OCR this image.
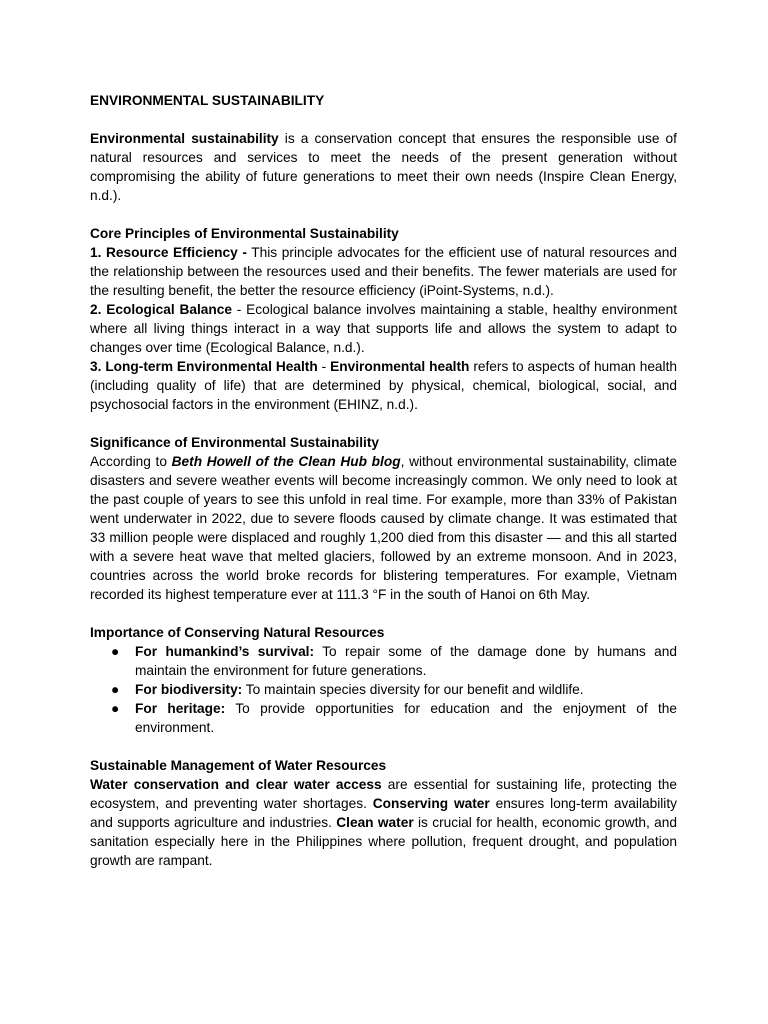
ENVIRONMENTAL SUSTAINABILITY

Environmental sustainability is a conservation concept that ensures the responsible use of natural resources and services to meet the needs of the present generation without compromising the ability of future generations to meet their own needs (Inspire Clean Energy, n.d.).

Core Principles of Environmental Sustainability

1. Resource Efficiency - This principle advocates for the efficient use of natural resources and the relationship between the resources used and their benefits. The fewer materials are used for the resulting benefit, the better the resource efficiency (iPoint-Systems, n.d.).

2. Ecological Balance - Ecological balance involves maintaining a stable, healthy environment where all living things interact in a way that supports life and allows the system to adapt to changes over time (Ecological Balance, n.d.).

3. Long-term Environmental Health - Environmental health refers to aspects of human health (including quality of life) that are determined by physical, chemical, biological, social, and psychosocial factors in the environment (EHINZ, n.d.).

Significance of Environmental Sustainability

According to Beth Howell of the Clean Hub blog, without environmental sustainability, climate disasters and severe weather events will become increasingly common. We only need to look at the past couple of years to see this unfold in real time. For example, more than 33% of Pakistan went underwater in 2022, due to severe floods caused by climate change. It was estimated that 33 million people were displaced and roughly 1,200 died from this disaster — and this all started with a severe heat wave that melted glaciers, followed by an extreme monsoon. And in 2023, countries across the world broke records for blistering temperatures. For example, Vietnam recorded its highest temperature ever at 111.3 °F in the south of Hanoi on 6th May.

Importance of Conserving Natural Resources

● For humankind’s survival: To repair some of the damage done by humans and maintain the environment for future generations.
● For biodiversity: To maintain species diversity for our benefit and wildlife.
● For heritage: To provide opportunities for education and the enjoyment of the environment.

Sustainable Management of Water Resources

Water conservation and clear water access are essential for sustaining life, protecting the ecosystem, and preventing water shortages. Conserving water ensures long-term availability and supports agriculture and industries. Clean water is crucial for health, economic growth, and sanitation especially here in the Philippines where pollution, frequent drought, and population growth are rampant.
